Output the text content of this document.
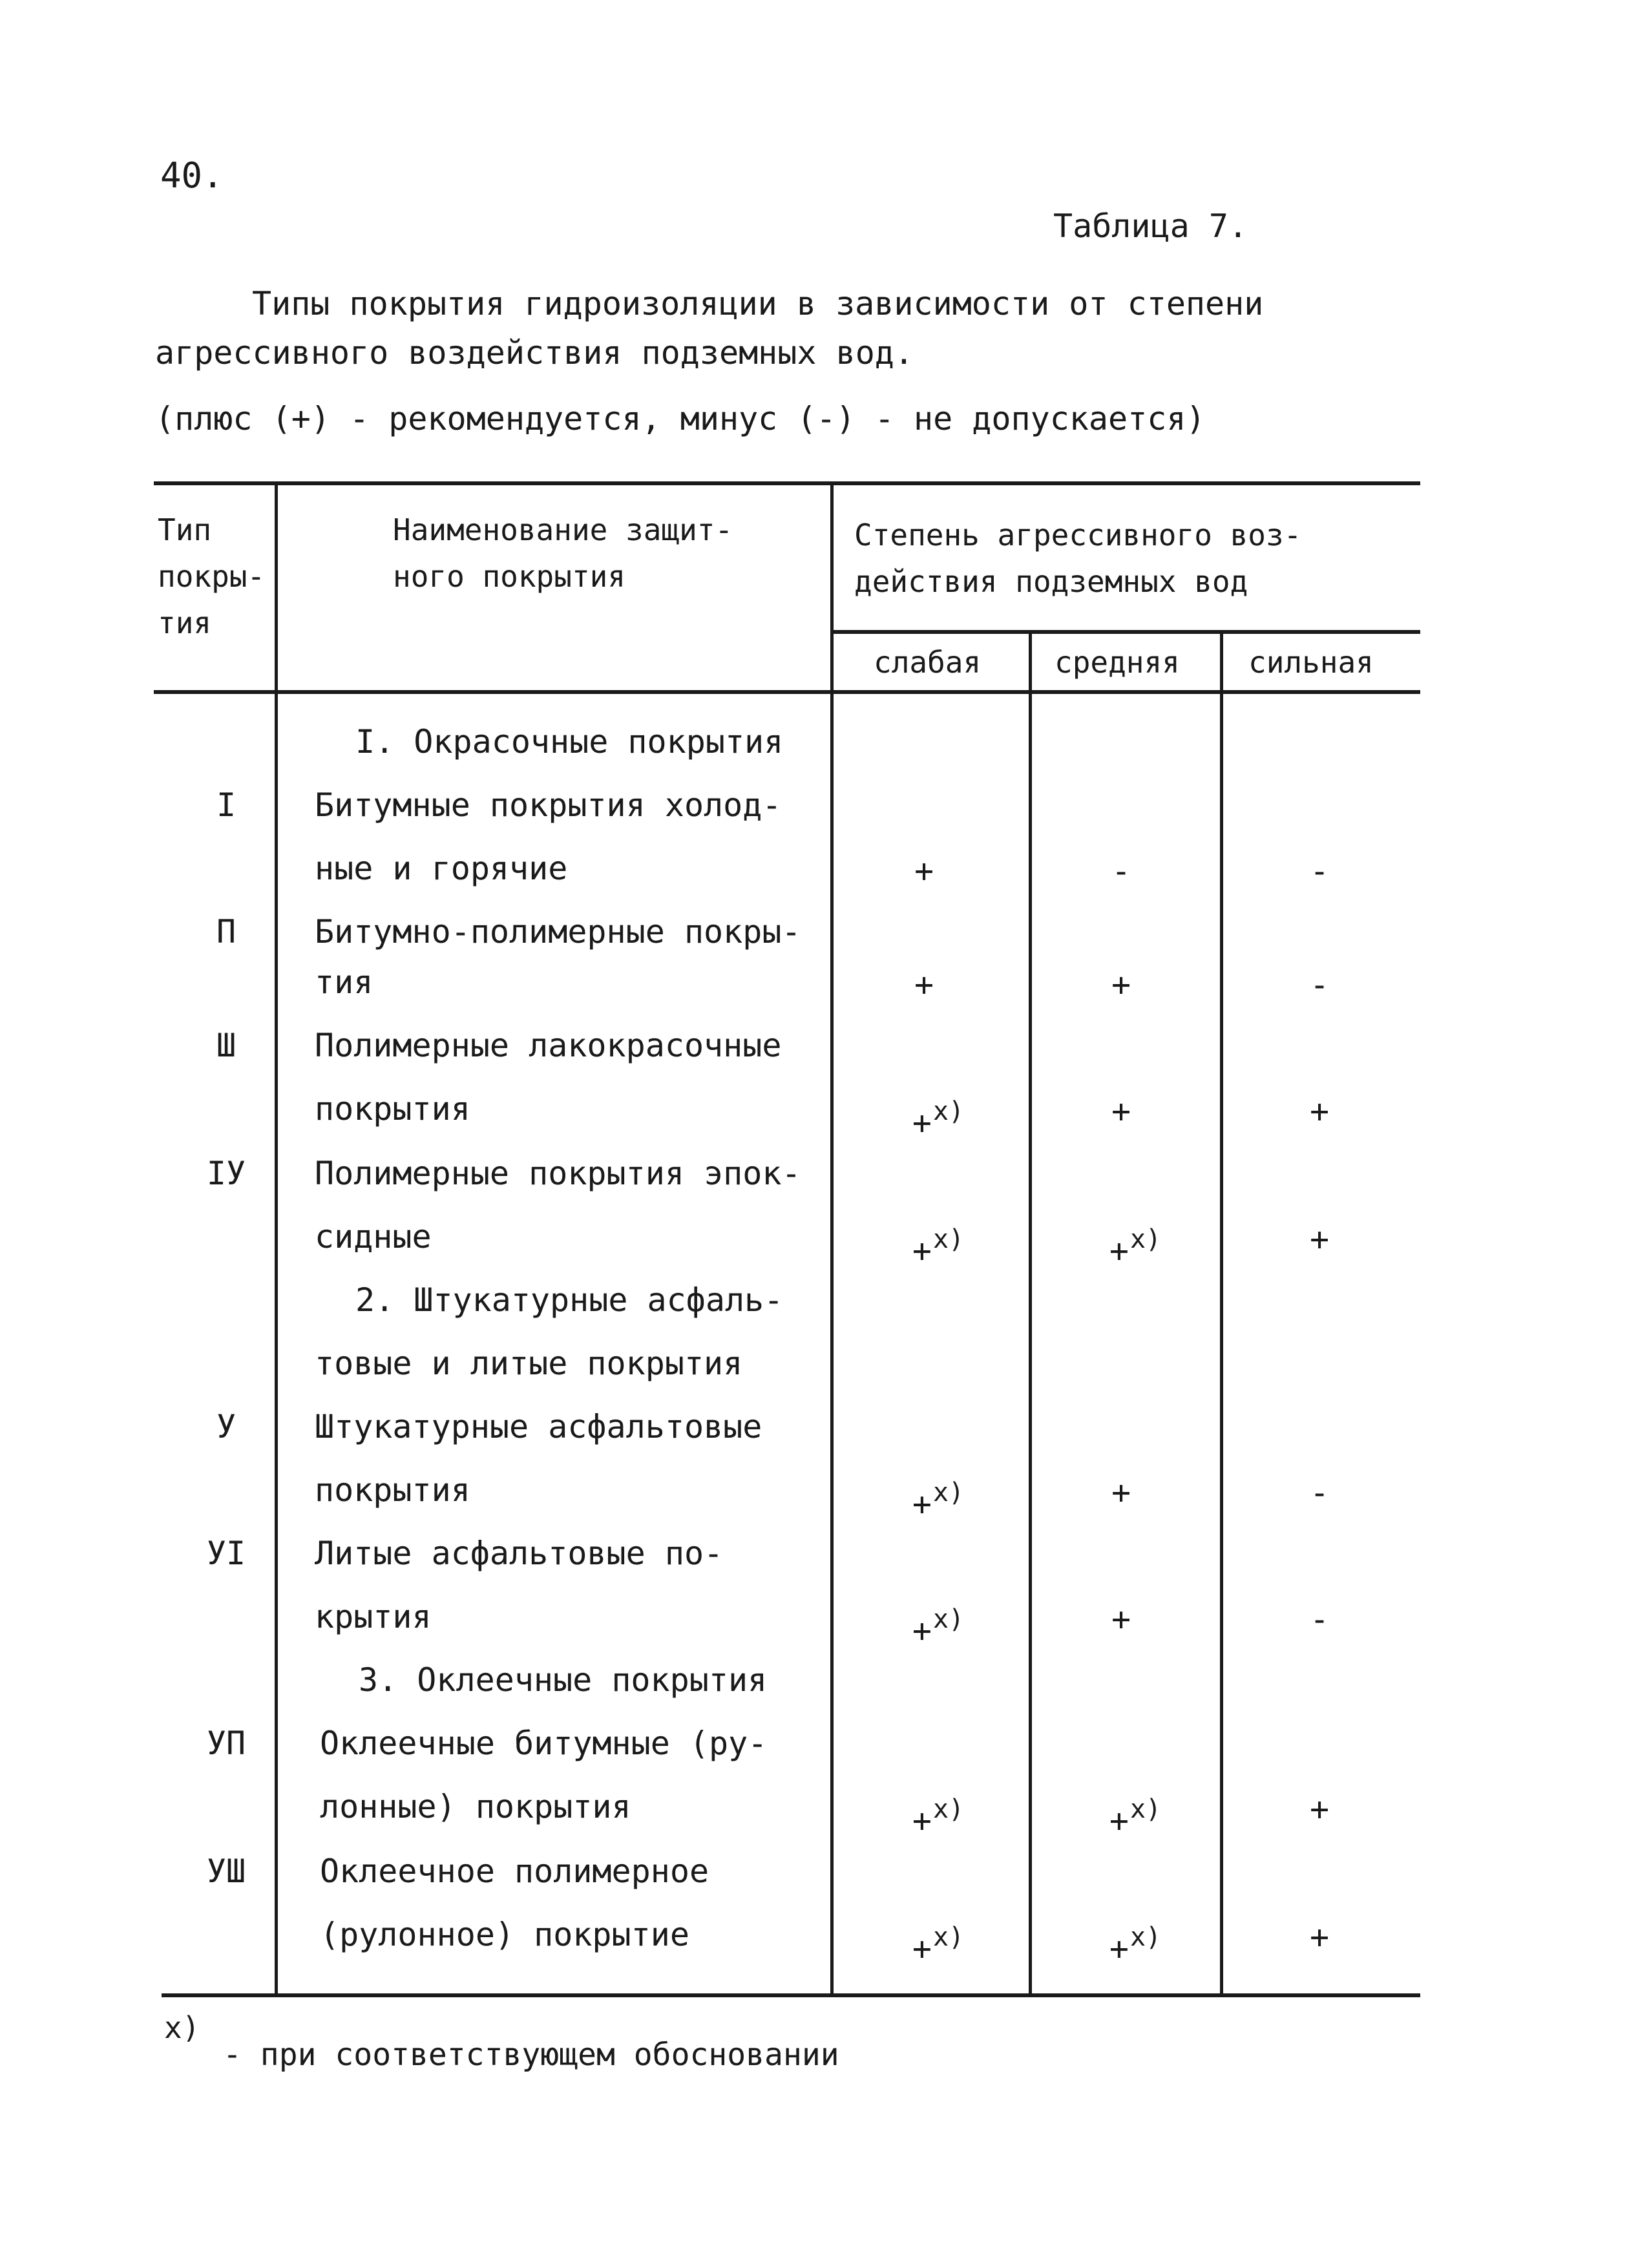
40.
Таблица 7.
Типы покрытия гидроизоляции в зависимости от степени
агрессивного воздействия подземных вод.
(плюс (+) - рекомендуется, минус (-) - не допускается)
Тип
покры-
тия
Наименование защит-
ного покрытия
Степень агрессивного воз-
действия подземных вод
слабая средняя сильная
I. Окрасочные покрытия
I	Битумные покрытия холод-
ные и горячие	+	-	-
П	Битумно-полимерные покры-
тия	+	+	-
Ш	Полимерные лакокрасочные
покрытия	+$^{x)}$	+	+
IУ	Полимерные покрытия эпок-
сидные	+$^{x)}$	+$^{x)}$	+
2. Штукатурные асфаль-
товые и литые покрытия
У	Штукатурные асфальтовые
покрытия	+$^{x)}$	+	-
УI	Литые асфальтовые по-
крытия	+$^{x)}$	+	-
3. Оклеечные покрытия
УП	Оклеечные битумные (ру-
лонные) покрытия	+$^{x)}$	+$^{x)}$	+
УШ	Оклеечное полимерное
(рулонное) покрытие	+$^{x)}$	+$^{x)}$	+
x)
- при соответствующем обосновании
